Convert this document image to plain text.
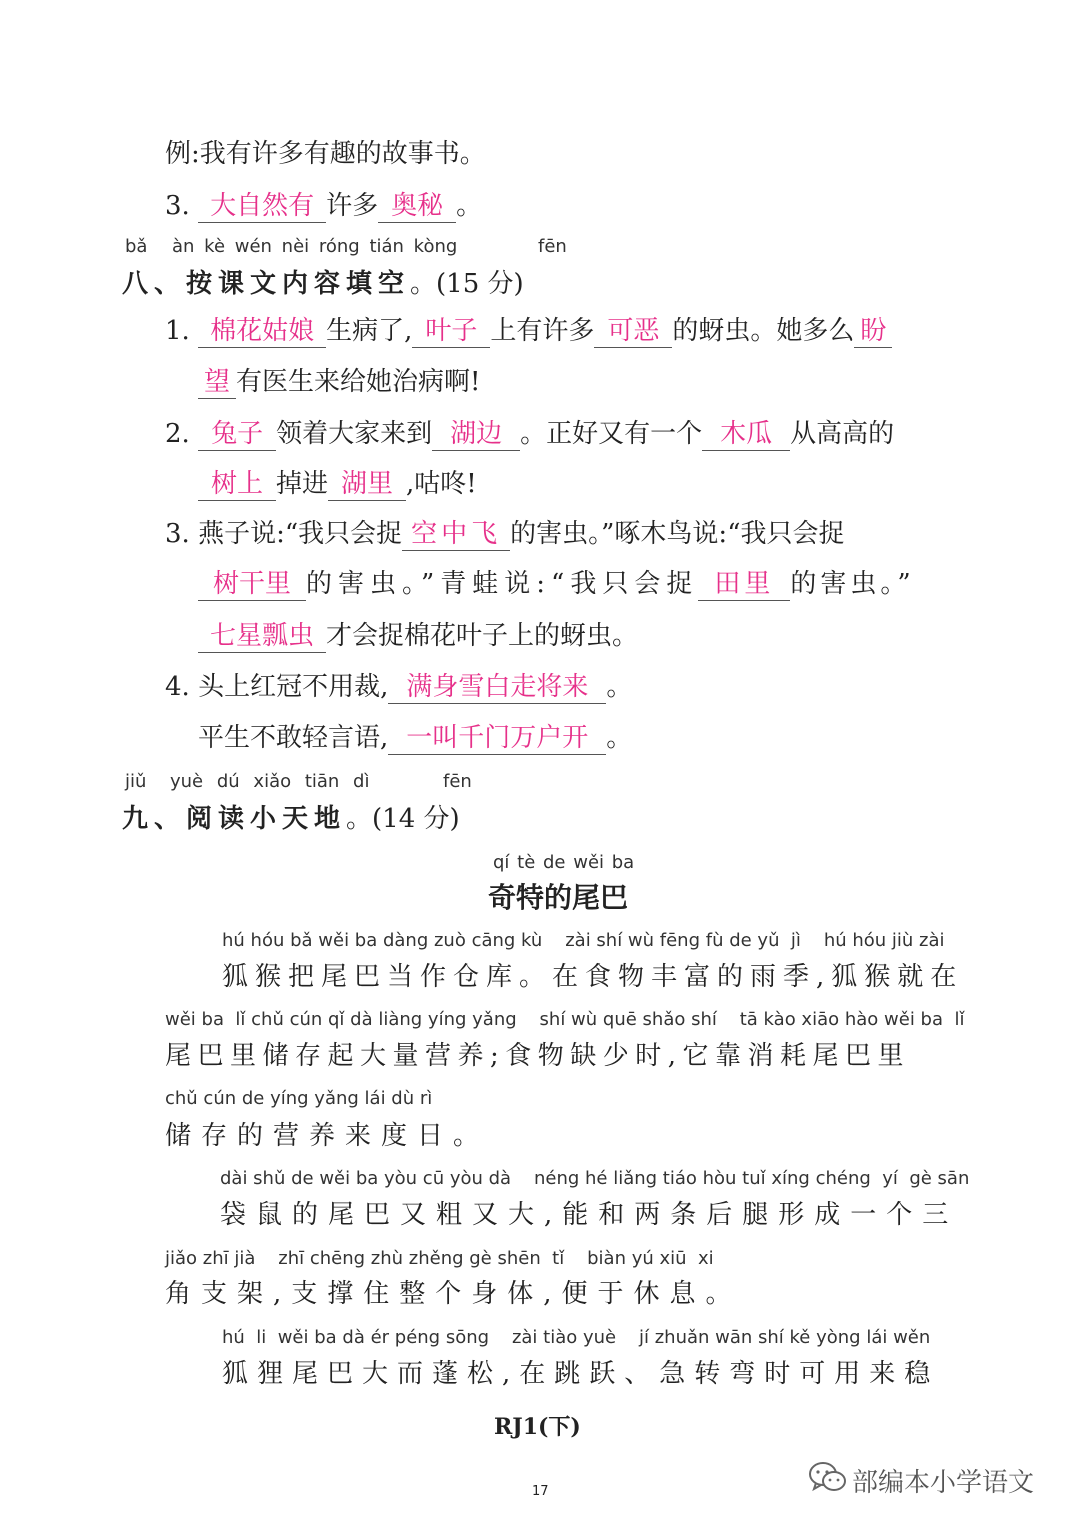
例:我有许多有趣的故事书。
3. 大自然有 许多 奥秘 。
bǎ àn kè wén nèi róng tián kòng	fēn
八、按课文内容填空。(15 分)
1. 棉花姑娘 生病了, 叶子 上有许多 可恶 的蚜虫。她多么 盼
望 有医生来给她治病啊!
2. 兔子 领着大家来到 湖边 。正好又有一个 木瓜 从高高的
树上 掉进 湖里 ,咕咚!
3. 燕子说:“我只会捉 空中飞 的害虫。”啄木鸟说:“我只会捉
树干里 的害虫。”青蛙说:“我只会捉 田里 的害虫。”
七星瓢虫 才会捉棉花叶子上的蚜虫。
4. 头上红冠不用裁, 满身雪白走将来 。
平生不敢轻言语, 一叫千门万户开 。
jiǔ yuè dú xiǎo tiān dì	fēn
九、阅读小天地。(14 分)
qí tè de wěi ba
奇特的尾巴
hú hóu bǎ wěi ba dàng zuò cāng kù    zài shí wù fēng fù de yǔ  jì    hú hóu jiù zài
狐猴把尾巴当作仓库。在食物丰富的雨季,狐猴就在
wěi ba  lǐ chǔ cún qǐ dà liàng yíng yǎng    shí wù quē shǎo shí    tā kào xiāo hào wěi ba  lǐ
尾巴里储存起大量营养;食物缺少时,它靠消耗尾巴里
chǔ cún de yíng yǎng lái dù rì
储存的营养来度日。
dài shǔ de wěi ba yòu cū yòu dà    néng hé liǎng tiáo hòu tuǐ xíng chéng  yí  gè sān
袋鼠的尾巴又粗又大,能和两条后腿形成一个三
jiǎo zhī jià    zhī chēng zhù zhěng gè shēn  tǐ    biàn yú xiū  xi
角支架,支撑住整个身体,便于休息。
hú  li  wěi ba dà ér péng sōng    zài tiào yuè    jí zhuǎn wān shí kě yòng lái wěn
狐狸尾巴大而蓬松,在跳跃、急转弯时可用来稳
RJ1(下)
17	部编本小学语文
